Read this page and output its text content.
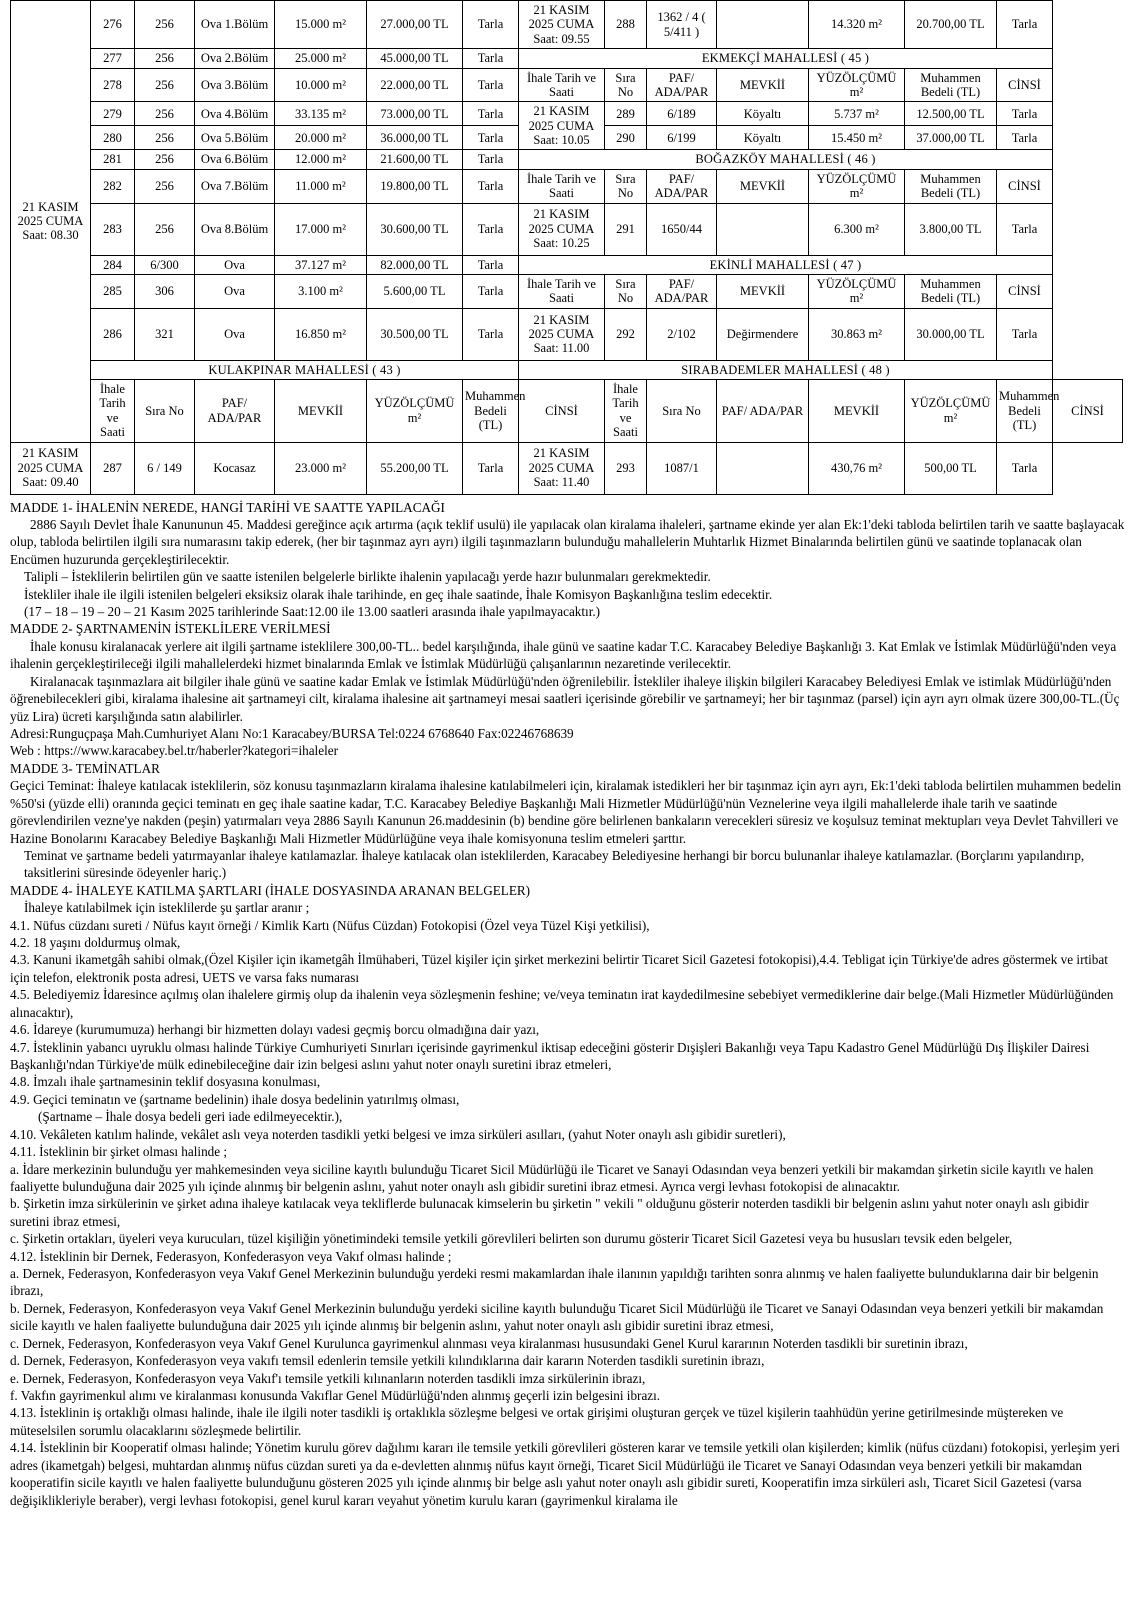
21 KASIM 2025 CUMA Saat: 08.30	276	256	Ova 1.Bölüm	15.000 m²	27.000,00 TL	Tarla	21 KASIM 2025 CUMA Saat: 09.55	288	1362 / 4 ( 5/411 )		14.320 m²	20.700,00 TL	Tarla	
	277	256	Ova 2.Bölüm	25.000 m²	45.000,00 TL	Tarla	EKMEKÇİ MAHALLESİ ( 45 )							
	278	256	Ova 3.Bölüm	10.000 m²	22.000,00 TL	Tarla	İhale Tarih ve Saati	Sıra No	PAF/ ADA/PAR	MEVKİİ	YÜZÖLÇÜMÜ m²	Muhammen Bedeli (TL)	CİNSİ	
	279	256	Ova 4.Bölüm	33.135 m²	73.000,00 TL	Tarla	21 KASIM 2025 CUMA Saat: 10.05	289	6/189	Köyaltı	5.737 m²	12.500,00 TL	Tarla	
	280	256	Ova 5.Bölüm	20.000 m²	36.000,00 TL	Tarla		290	6/199	Köyaltı	15.450 m²	37.000,00 TL	Tarla	
	281	256	Ova 6.Bölüm	12.000 m²	21.600,00 TL	Tarla	BOĞAZKÖY MAHALLESİ ( 46 )							
	282	256	Ova 7.Bölüm	11.000 m²	19.800,00 TL	Tarla	İhale Tarih ve Saati	Sıra No	PAF/ ADA/PAR	MEVKİİ	YÜZÖLÇÜMÜ m²	Muhammen Bedeli (TL)	CİNSİ	
	283	256	Ova 8.Bölüm	17.000 m²	30.600,00 TL	Tarla	21 KASIM 2025 CUMA Saat: 10.25	291	1650/44		6.300 m²	3.800,00 TL	Tarla	
	284	6/300	Ova	37.127 m²	82.000,00 TL	Tarla	EKİNLİ MAHALLESİ ( 47 )							
	285	306	Ova	3.100 m²	5.600,00 TL	Tarla	İhale Tarih ve Saati	Sıra No	PAF/ ADA/PAR	MEVKİİ	YÜZÖLÇÜMÜ m²	Muhammen Bedeli (TL)	CİNSİ	
	286	321	Ova	16.850 m²	30.500,00 TL	Tarla	21 KASIM 2025 CUMA Saat: 11.00	292	2/102	Değirmendere	30.863 m²	30.000,00 TL	Tarla	
	KULAKPINAR MAHALLESİ ( 43 )						SIRABADEMLER MAHALLESİ ( 48 )							
	İhale Tarih ve Saati	Sıra No	PAF/ ADA/PAR	MEVKİİ	YÜZÖLÇÜMÜ m²	Muhammen Bedeli (TL)	CİNSİ	İhale Tarih ve Saati	Sıra No	PAF/ ADA/PAR	MEVKİİ	YÜZÖLÇÜMÜ m²	Muhammen Bedeli (TL)	CİNSİ
21 KASIM 2025 CUMA Saat: 09.40	287	6 / 149	Kocasaz	23.000 m²	55.200,00 TL	Tarla	21 KASIM 2025 CUMA Saat: 11.40	293	1087/1		430,76 m²	500,00 TL	Tarla	

MADDE 1- İHALENİN NEREDE, HANGİ TARİHİ VE SAATTE YAPILACAĞI

2886 Sayılı Devlet İhale Kanununun 45. Maddesi gereğince açık artırma (açık teklif usulü) ile yapılacak olan kiralama ihaleleri, şartname ekinde yer alan Ek:1'deki tabloda belirtilen tarih ve saatte başlayacak olup, tabloda belirtilen ilgili sıra numarasını takip ederek, (her bir taşınmaz ayrı ayrı) ilgili taşınmazların bulunduğu mahallelerin Muhtarlık Hizmet Binalarında belirtilen günü ve saatinde toplanacak olan Encümen huzurunda gerçekleştirilecektir.

Talipli – İsteklilerin belirtilen gün ve saatte istenilen belgelerle birlikte ihalenin yapılacağı yerde hazır bulunmaları gerekmektedir.

İstekliler ihale ile ilgili istenilen belgeleri eksiksiz olarak ihale tarihinde, en geç ihale saatinde, İhale Komisyon Başkanlığına teslim edecektir.

(17 – 18 – 19 – 20 – 21 Kasım 2025 tarihlerinde Saat:12.00 ile 13.00 saatleri arasında ihale yapılmayacaktır.)

MADDE 2- ŞARTNAMENİN İSTEKLİLERE VERİLMESİ

İhale konusu kiralanacak yerlere ait ilgili şartname isteklilere 300,00-TL.. bedel karşılığında, ihale günü ve saatine kadar T.C. Karacabey Belediye Başkanlığı 3. Kat Emlak ve İstimlak Müdürlüğü'nden veya ihalenin gerçekleştirileceği ilgili mahallelerdeki hizmet binalarında Emlak ve İstimlak Müdürlüğü çalışanlarının nezaretinde verilecektir.

Kiralanacak taşınmazlara ait bilgiler ihale günü ve saatine kadar Emlak ve İstimlak Müdürlüğü'nden öğrenilebilir. İstekliler ihaleye ilişkin bilgileri Karacabey Belediyesi Emlak ve istimlak Müdürlüğü'nden öğrenebilecekleri gibi, kiralama ihalesine ait şartnameyi cilt, kiralama ihalesine ait şartnameyi mesai saatleri içerisinde görebilir ve şartnameyi; her bir taşınmaz (parsel) için ayrı ayrı olmak üzere 300,00-TL.(Üç yüz Lira) ücreti karşılığında satın alabilirler.

Adresi:Runguçpaşa Mah.Cumhuriyet Alanı No:1 Karacabey/BURSA Tel:0224 6768640 Fax:02246768639

Web : https://www.karacabey.bel.tr/haberler?kategori=ihaleler

MADDE 3- TEMİNATLAR

Geçici Teminat: İhaleye katılacak isteklilerin, söz konusu taşınmazların kiralama ihalesine katılabilmeleri için, kiralamak istedikleri her bir taşınmaz için ayrı ayrı, Ek:1'deki tabloda belirtilen muhammen bedelin %50'si (yüzde elli) oranında geçici teminatı en geç ihale saatine kadar, T.C. Karacabey Belediye Başkanlığı Mali Hizmetler Müdürlüğü'nün Veznelerine veya ilgili mahallelerde ihale tarih ve saatinde görevlendirilen vezne'ye nakden (peşin) yatırmaları veya 2886 Sayılı Kanunun 26.maddesinin (b) bendine göre belirlenen bankaların verecekleri süresiz ve koşulsuz teminat mektupları veya Devlet Tahvilleri ve Hazine Bonolarını Karacabey Belediye Başkanlığı Mali Hizmetler Müdürlüğüne veya ihale komisyonuna teslim etmeleri şarttır.

Teminat ve şartname bedeli yatırmayanlar ihaleye katılamazlar. İhaleye katılacak olan isteklilerden, Karacabey Belediyesine herhangi bir borcu bulunanlar ihaleye katılamazlar. (Borçlarını yapılandırıp, taksitlerini süresinde ödeyenler hariç.)

MADDE 4- İHALEYE KATILMA ŞARTLARI (İHALE DOSYASINDA ARANAN BELGELER)

İhaleye katılabilmek için isteklilerde şu şartlar aranır ;

4.1. Nüfus cüzdanı sureti / Nüfus kayıt örneği / Kimlik Kartı (Nüfus Cüzdan) Fotokopisi (Özel veya Tüzel Kişi yetkilisi),

4.2. 18 yaşını doldurmuş olmak,

4.3. Kanuni ikametgâh sahibi olmak,(Özel Kişiler için ikametgâh İlmühaberi, Tüzel kişiler için şirket merkezini belirtir Ticaret Sicil Gazetesi fotokopisi),4.4. Tebligat için Türkiye'de adres göstermek ve irtibat için telefon, elektronik posta adresi, UETS ve varsa faks numarası

4.5. Belediyemiz İdaresince açılmış olan ihalelere girmiş olup da ihalenin veya sözleşmenin feshine; ve/veya teminatın irat kaydedilmesine sebebiyet vermediklerine dair belge.(Mali Hizmetler Müdürlüğünden alınacaktır),

4.6. İdareye (kurumumuza) herhangi bir hizmetten dolayı vadesi geçmiş borcu olmadığına dair yazı,

4.7. İsteklinin yabancı uyruklu olması halinde Türkiye Cumhuriyeti Sınırları içerisinde gayrimenkul iktisap edeceğini gösterir Dışişleri Bakanlığı veya Tapu Kadastro Genel Müdürlüğü Dış İlişkiler Dairesi Başkanlığı'ndan Türkiye'de mülk edinebileceğine dair izin belgesi aslını yahut noter onaylı suretini ibraz etmeleri,

4.8. İmzalı ihale şartnamesinin teklif dosyasına konulması,

4.9. Geçici teminatın ve (şartname bedelinin) ihale dosya bedelinin yatırılmış olması,

(Şartname – İhale dosya bedeli geri iade edilmeyecektir.),

4.10. Vekâleten katılım halinde, vekâlet aslı veya noterden tasdikli yetki belgesi ve imza sirküleri asılları, (yahut Noter onaylı aslı gibidir suretleri),

4.11. İsteklinin bir şirket olması halinde ;

a. İdare merkezinin bulunduğu yer mahkemesinden veya siciline kayıtlı bulunduğu Ticaret Sicil Müdürlüğü ile Ticaret ve Sanayi Odasından veya benzeri yetkili bir makamdan şirketin sicile kayıtlı ve halen faaliyette bulunduğuna dair 2025 yılı içinde alınmış bir belgenin aslını, yahut noter onaylı aslı gibidir suretini ibraz etmesi. Ayrıca vergi levhası fotokopisi de alınacaktır.

b. Şirketin imza sirkülerinin ve şirket adına ihaleye katılacak veya tekliflerde bulunacak kimselerin bu şirketin " vekili " olduğunu gösterir noterden tasdikli bir belgenin aslını yahut noter onaylı aslı gibidir suretini ibraz etmesi,

c. Şirketin ortakları, üyeleri veya kurucuları, tüzel kişiliğin yönetimindeki temsile yetkili görevlileri belirten son durumu gösterir Ticaret Sicil Gazetesi veya bu hususları tevsik eden belgeler,

4.12. İsteklinin bir Dernek, Federasyon, Konfederasyon veya Vakıf olması halinde ;

a. Dernek, Federasyon, Konfederasyon veya Vakıf Genel Merkezinin bulunduğu yerdeki resmi makamlardan ihale ilanının yapıldığı tarihten sonra alınmış ve halen faaliyette bulunduklarına dair bir belgenin ibrazı,

b. Dernek, Federasyon, Konfederasyon veya Vakıf Genel Merkezinin bulunduğu yerdeki siciline kayıtlı bulunduğu Ticaret Sicil Müdürlüğü ile Ticaret ve Sanayi Odasından veya benzeri yetkili bir makamdan sicile kayıtlı ve halen faaliyette bulunduğuna dair 2025 yılı içinde alınmış bir belgenin aslını, yahut noter onaylı aslı gibidir suretini ibraz etmesi,

c. Dernek, Federasyon, Konfederasyon veya Vakıf Genel Kurulunca gayrimenkul alınması veya kiralanması hususundaki Genel Kurul kararının Noterden tasdikli bir suretinin ibrazı,

d. Dernek, Federasyon, Konfederasyon veya vakıfı temsil edenlerin temsile yetkili kılındıklarına dair kararın Noterden tasdikli suretinin ibrazı,

e. Dernek, Federasyon, Konfederasyon veya Vakıf'ı temsile yetkili kılınanların noterden tasdikli imza sirkülerinin ibrazı,

f. Vakfın gayrimenkul alımı ve kiralanması konusunda Vakıflar Genel Müdürlüğü'nden alınmış geçerli izin belgesini ibrazı.

4.13. İsteklinin iş ortaklığı olması halinde, ihale ile ilgili noter tasdikli iş ortaklıkla sözleşme belgesi ve ortak girişimi oluşturan gerçek ve tüzel kişilerin taahhüdün yerine getirilmesinde müştereken ve müteselsilen sorumlu olacaklarını sözleşmede belirtilir.

4.14. İsteklinin bir Kooperatif olması halinde; Yönetim kurulu görev dağılımı kararı ile temsile yetkili görevlileri gösteren karar ve temsile yetkili olan kişilerden; kimlik (nüfus cüzdanı) fotokopisi, yerleşim yeri adres (ikametgah) belgesi, muhtardan alınmış nüfus cüzdan sureti ya da e-devletten alınmış nüfus kayıt örneği, Ticaret Sicil Müdürlüğü ile Ticaret ve Sanayi Odasından veya benzeri yetkili bir makamdan kooperatifin sicile kayıtlı ve halen faaliyette bulunduğunu gösteren 2025 yılı içinde alınmış bir belge aslı yahut noter onaylı aslı gibidir sureti, Kooperatifin imza sirküleri aslı, Ticaret Sicil Gazetesi (varsa değişiklikleriyle beraber), vergi levhası fotokopisi, genel kurul kararı veyahut yönetim kurulu kararı (gayrimenkul kiralama ile
